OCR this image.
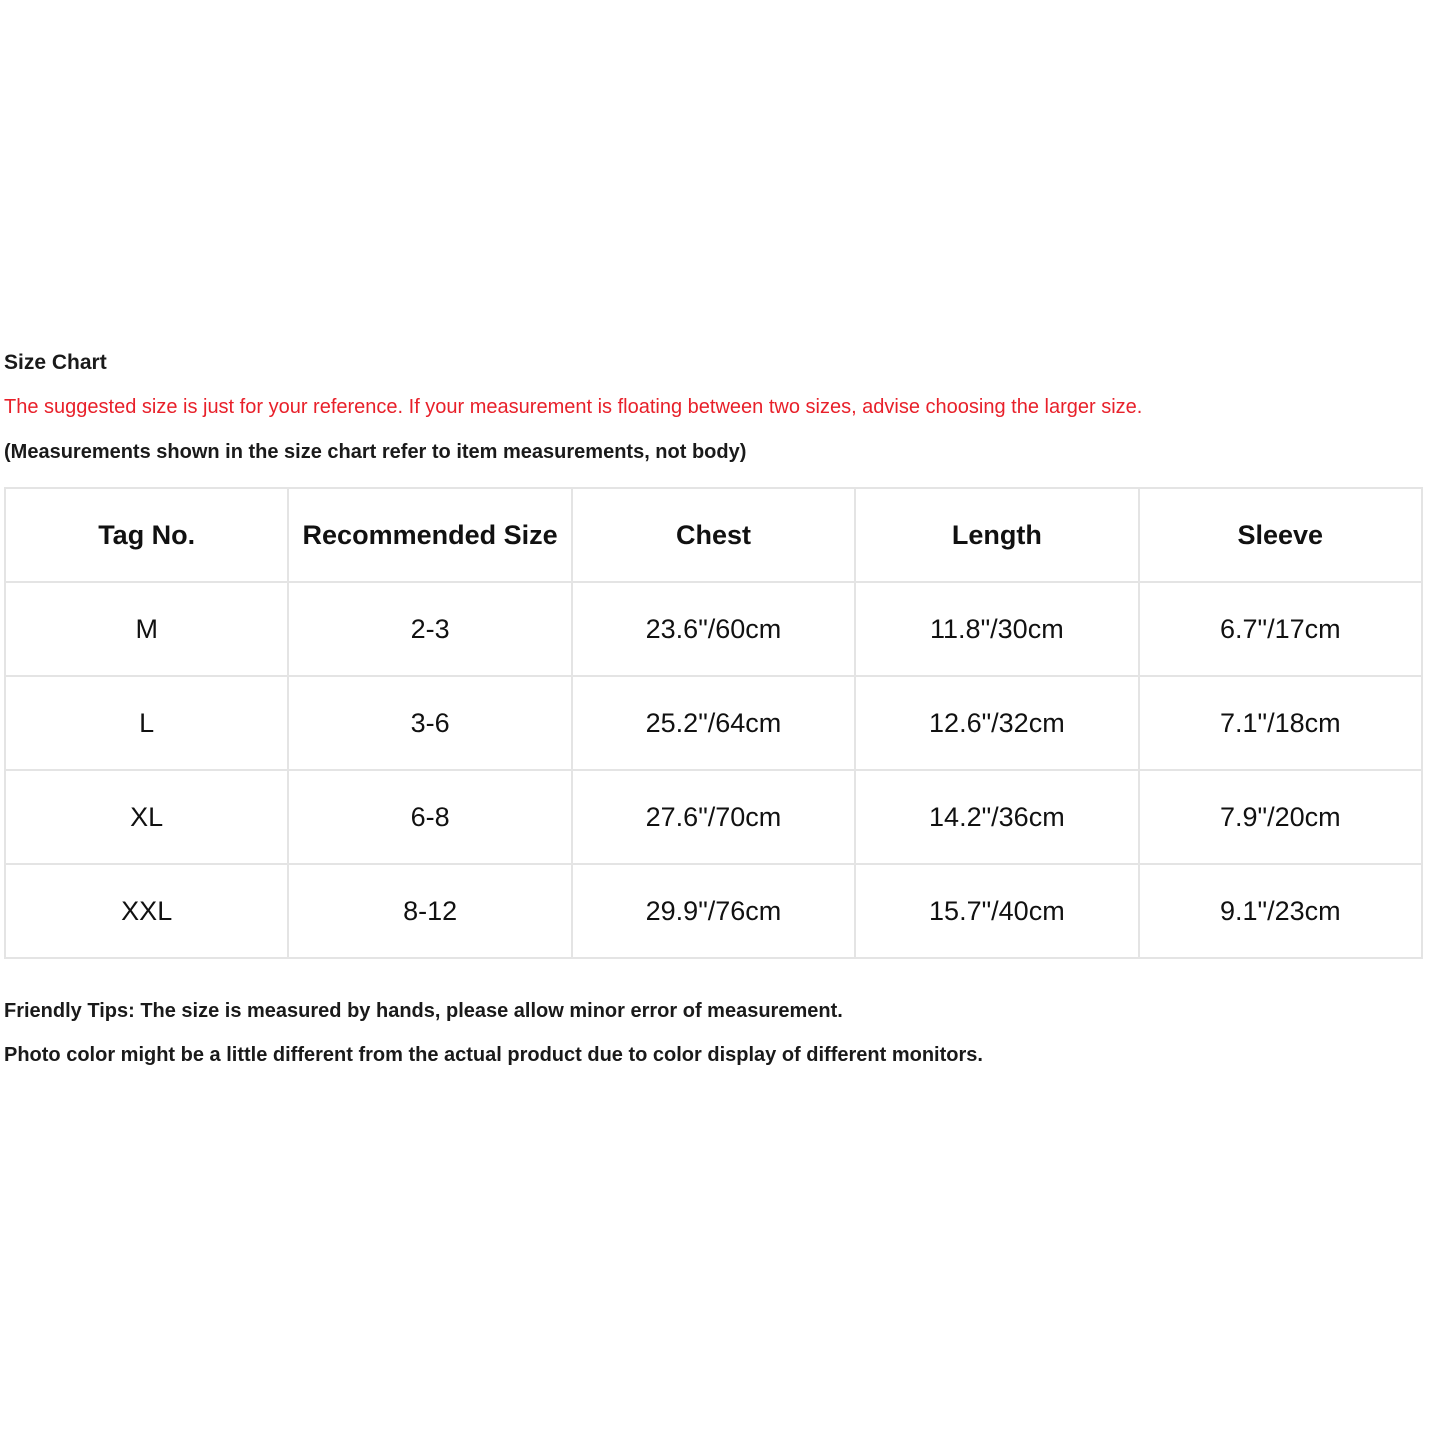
Size Chart
The suggested size is just for your reference. If your measurement is floating between two sizes, advise choosing the larger size.
(Measurements shown in the size chart refer to item measurements, not body)
Tag No.	Recommended Size	Chest	Length	Sleeve
M	2-3	23.6"/60cm	11.8"/30cm	6.7"/17cm
L	3-6	25.2"/64cm	12.6"/32cm	7.1"/18cm
XL	6-8	27.6"/70cm	14.2"/36cm	7.9"/20cm
XXL	8-12	29.9"/76cm	15.7"/40cm	9.1"/23cm
Friendly Tips: The size is measured by hands, please allow minor error of measurement.
Photo color might be a little different from the actual product due to color display of different monitors.
